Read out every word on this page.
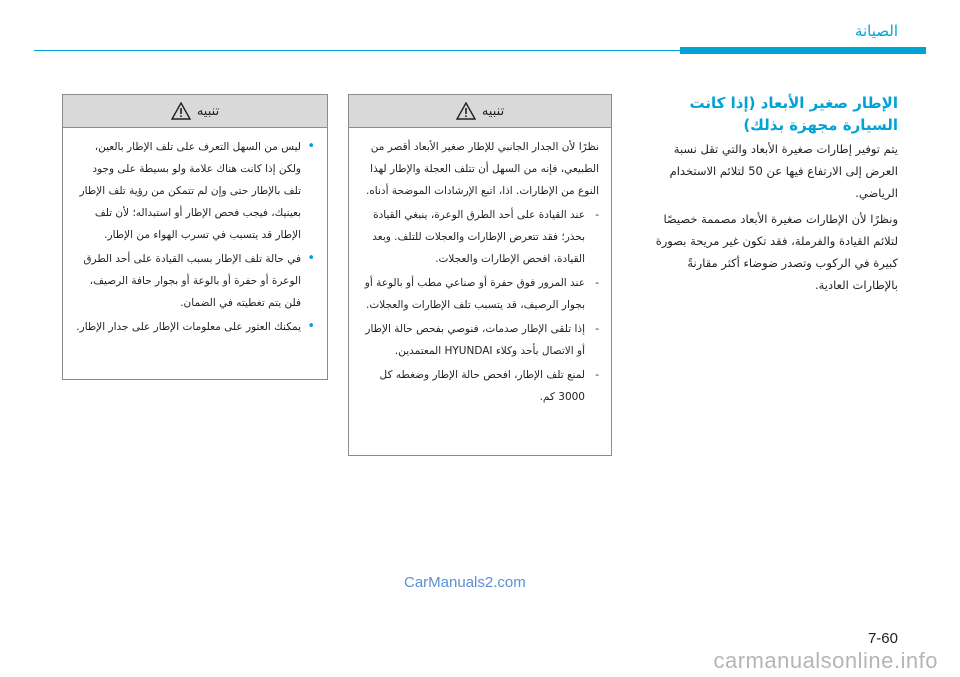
الصيانة
الإطار صغير الأبعاد (إذا كانت السيارة مجهزة بذلك)

يتم توفير إطارات صغيرة الأبعاد والتي تقل نسبة العرض إلى الارتفاع فيها عن 50 لتلائم الاستخدام الرياضي.

ونظرًا لأن الإطارات صغيرة الأبعاد مصممة خصيصًا لتلائم القيادة والفرملة، فقد تكون غير مريحة بصورة كبيرة في الركوب وتصدر ضوضاء أكثر مقارنةً بالإطارات العادية.

تنبيه

نظرًا لأن الجدار الجانبي للإطار صغير الأبعاد أقصر من الطبيعي، فإنه من السهل أن تتلف العجلة والإطار لهذا النوع من الإطارات. اذا، اتبع الإرشادات الموضحة أدناه.

- عند القيادة على أحد الطرق الوعرة، ينبغي القيادة بحذر؛ فقد تتعرض الإطارات والعجلات للتلف. وبعد القيادة، افحص الإطارات والعجلات.
- عند المرور فوق حفرة أو صناعي مطب أو بالوعة أو بجوار الرصيف، قد يتسبب تلف الإطارات والعجلات.
- إذا تلقى الإطار صدمات، فنوصي بفحص حالة الإطار أو الاتصال بأحد وكلاء HYUNDAI المعتمدين.
- لمنع تلف الإطار، افحص حالة الإطار وضغطه كل 3000 كم.
تنبيه
• ليس من السهل التعرف على تلف الإطار بالعين، ولكن إذا كانت هناك علامة ولو بسيطة على وجود تلف بالإطار حتى وإن لم تتمكن من رؤية تلف الإطار بعينيك، فيجب فحص الإطار أو استبداله؛ لأن تلف الإطار قد يتسبب في تسرب الهواء من الإطار.
• في حالة تلف الإطار بسبب القيادة على أحد الطرق الوعرة أو حفرة أو بالوعة أو بجوار حافة الرصيف، فلن يتم تغطيته في الضمان.
• يمكنك العثور على معلومات الإطار على جدار الإطار.
CarManuals2.com
7-60
carmanualsonline.info
